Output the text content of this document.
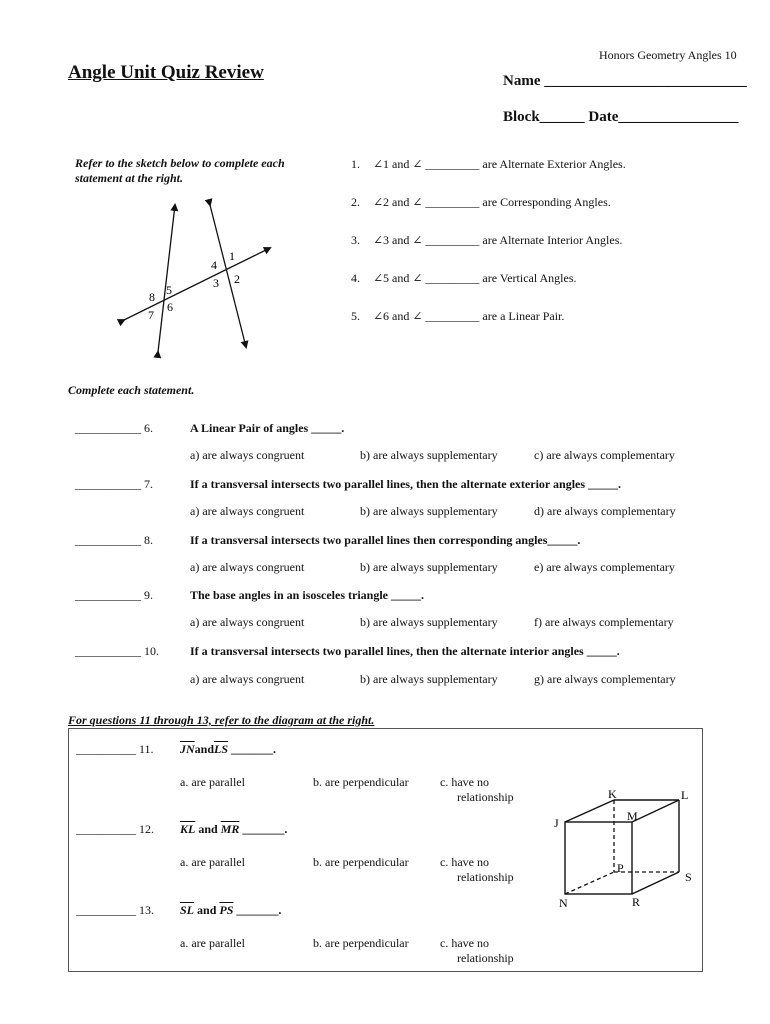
Honors Geometry Angles 10
Angle Unit Quiz Review	Name ___________________________
Block______ Date________________
Refer to the sketch below to complete each
statement at the right.
1
2
3
4
5
6
7
8
1. ∠1 and ∠ _________ are Alternate Exterior Angles.
2. ∠2 and ∠ _________ are Corresponding Angles.
3. ∠3 and ∠ _________ are Alternate Interior Angles.
4. ∠5 and ∠ _________ are Vertical Angles.
5. ∠6 and ∠ _________ are a Linear Pair.
Complete each statement.
___________ 6.	A Linear Pair of angles _____.
a) are always congruent	b) are always supplementary	c) are always complementary
___________ 7.	If a transversal intersects two parallel lines, then the alternate exterior angles _____.
a) are always congruent	b) are always supplementary	d) are always complementary
___________ 8.	If a transversal intersects two parallel lines then corresponding angles_____.
a) are always congruent	b) are always supplementary	e) are always complementary
___________ 9.	The base angles in an isosceles triangle _____.
a) are always congruent	b) are always supplementary	f) are always complementary
___________ 10.	If a transversal intersects two parallel lines, then the alternate interior angles _____.
a) are always congruent	b) are always supplementary	g) are always complementary
For questions 11 through 13, refer to the diagram at the right.
__________ 11. $\overline{JN}and\overline{LS}$ _______.
a. are parallel	b. are perpendicular	c. have no
relationship
__________ 12. $\overline{KL}$ and $\overline{MR}$ _______.
a. are parallel	b. are perpendicular	c. have no
relationship
__________ 13. $\overline{SL}$ and $\overline{PS}$ _______.
a. are parallel	b. are perpendicular	c. have no
relationship
K	L
J	M
P
S
N	R
